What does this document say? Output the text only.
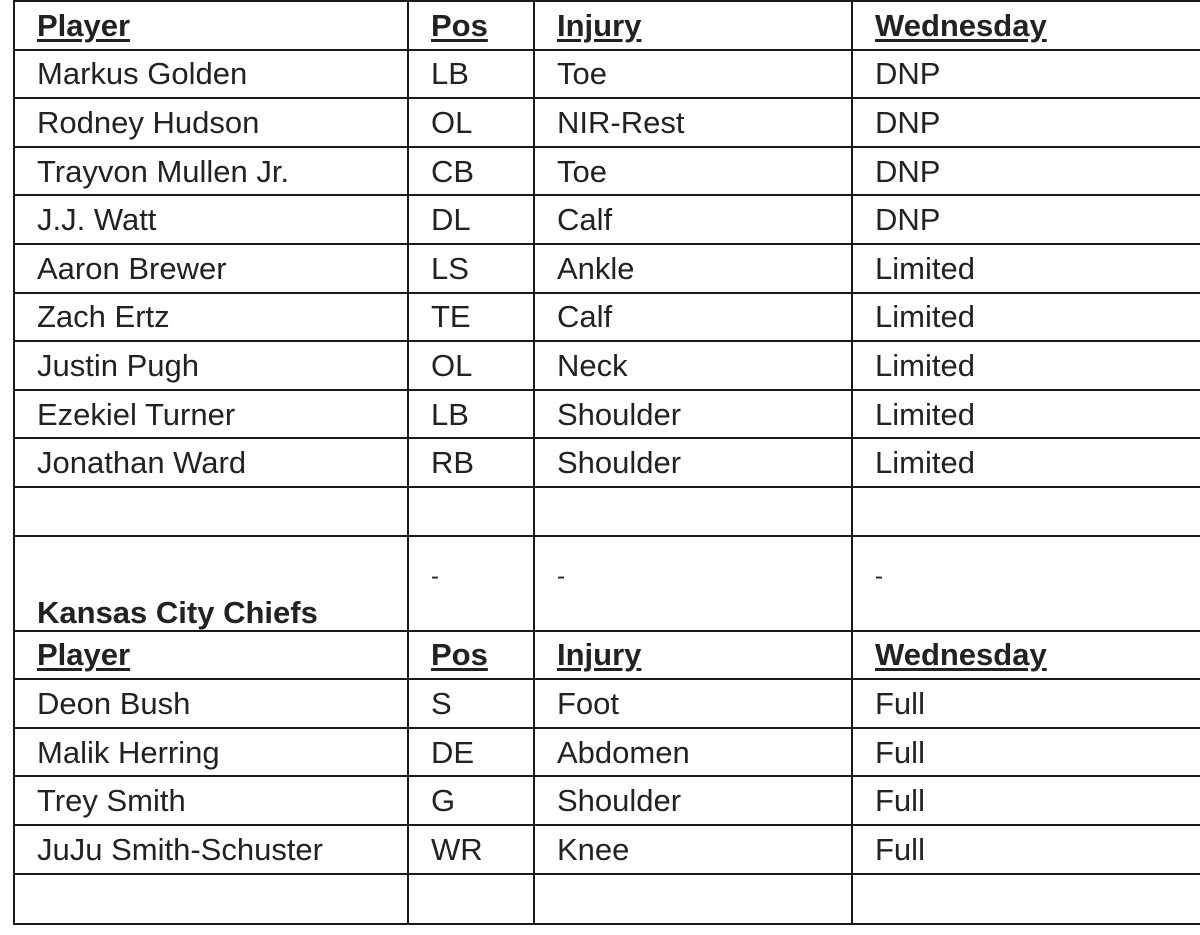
Player	Pos	Injury	Wednesday
Markus Golden	LB	Toe	DNP
Rodney Hudson	OL	NIR-Rest	DNP
Trayvon Mullen Jr.	CB	Toe	DNP
J.J. Watt	DL	Calf	DNP
Aaron Brewer	LS	Ankle	Limited
Zach Ertz	TE	Calf	Limited
Justin Pugh	OL	Neck	Limited
Ezekiel Turner	LB	Shoulder	Limited
Jonathan Ward	RB	Shoulder	Limited

Kansas City Chiefs	-	-	-
Player	Pos	Injury	Wednesday
Deon Bush	S	Foot	Full
Malik Herring	DE	Abdomen	Full
Trey Smith	G	Shoulder	Full
JuJu Smith-Schuster	WR	Knee	Full
